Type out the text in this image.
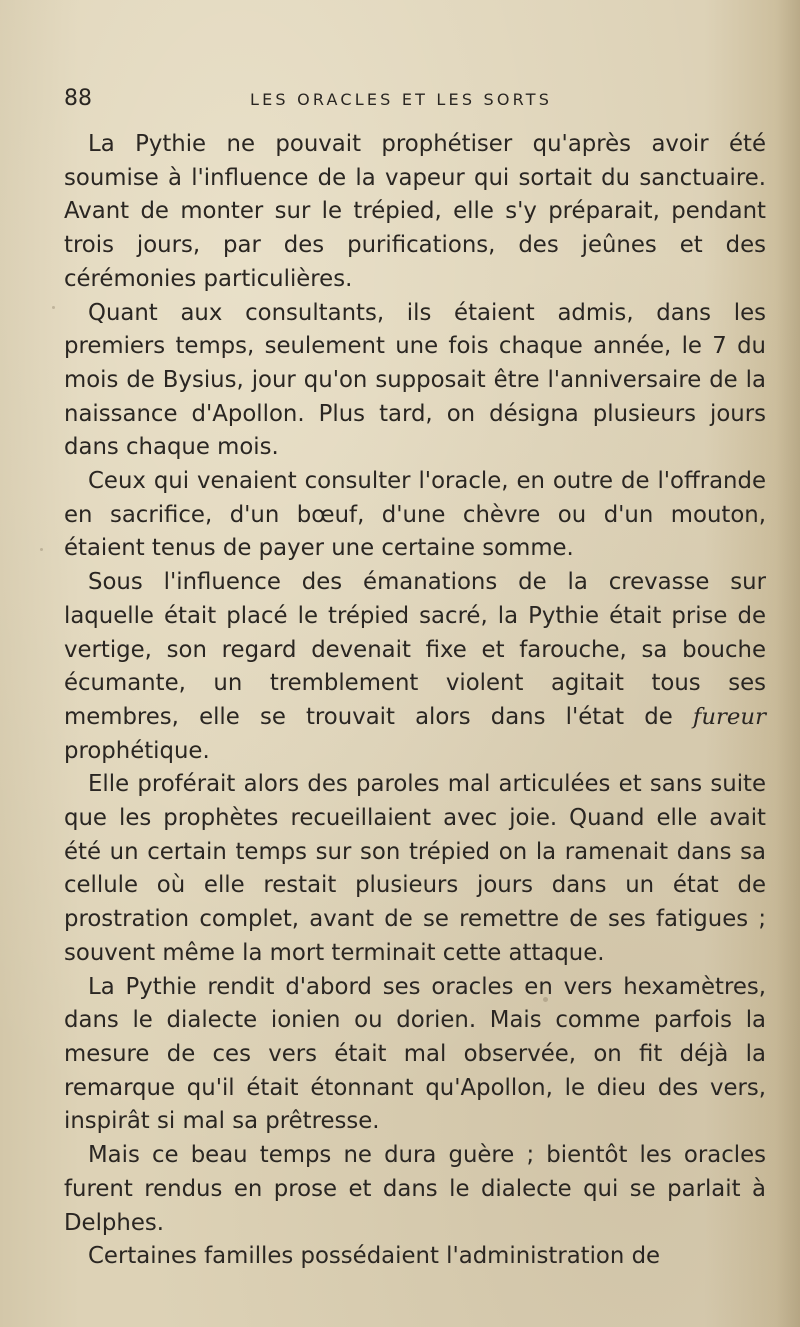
88	LES ORACLES ET LES SORTS

La Pythie ne pouvait prophétiser qu'après avoir été soumise à l'influence de la vapeur qui sortait du sanctuaire. Avant de monter sur le trépied, elle s'y préparait, pendant trois jours, par des purifications, des jeûnes et des cérémonies particulières.

Quant aux consultants, ils étaient admis, dans les premiers temps, seulement une fois chaque année, le 7 du mois de Bysius, jour qu'on supposait être l'anniversaire de la naissance d'Apollon. Plus tard, on désigna plusieurs jours dans chaque mois.

Ceux qui venaient consulter l'oracle, en outre de l'offrande en sacrifice, d'un bœuf, d'une chèvre ou d'un mouton, étaient tenus de payer une certaine somme.

Sous l'influence des émanations de la crevasse sur laquelle était placé le trépied sacré, la Pythie était prise de vertige, son regard devenait fixe et farouche, sa bouche écumante, un tremblement violent agitait tous ses membres, elle se trouvait alors dans l'état de fureur prophétique.

Elle proférait alors des paroles mal articulées et sans suite que les prophètes recueillaient avec joie. Quand elle avait été un certain temps sur son trépied on la ramenait dans sa cellule où elle restait plusieurs jours dans un état de prostration complet, avant de se remettre de ses fatigues ; souvent même la mort terminait cette attaque.

La Pythie rendit d'abord ses oracles en vers hexamètres, dans le dialecte ionien ou dorien. Mais comme parfois la mesure de ces vers était mal observée, on fit déjà la remarque qu'il était étonnant qu'Apollon, le dieu des vers, inspirât si mal sa prêtresse.

Mais ce beau temps ne dura guère ; bientôt les oracles furent rendus en prose et dans le dialecte qui se parlait à Delphes.

Certaines familles possédaient l'administration de
